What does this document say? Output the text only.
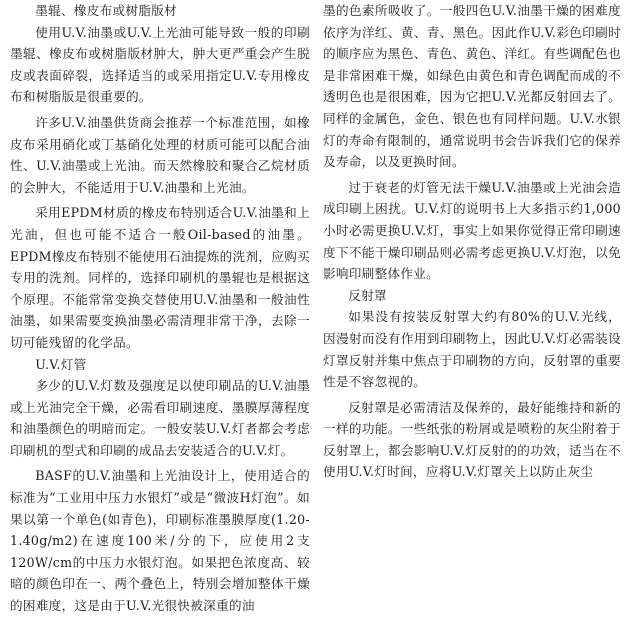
墨辊、橡皮布或树脂版材

使用U.V.油墨或U.V.上光油可能导致一般的印刷墨辊、橡皮布或树脂版材肿大，肿大更严重会产生脱皮或表面碎裂，选择适当的或采用指定U.V.专用橡皮布和树脂版是很重要的。

许多U.V.油墨供货商会推荐一个标准范围，如橡皮布采用硝化或丁基硝化处理的材质可能可以配合油性、U.V.油墨或上光油。而天然橡胶和聚合乙烷材质的会肿大，不能适用于U.V.油墨和上光油。

采用EPDM材质的橡皮布特别适合U.V.油墨和上光油，但也可能不适合一般Oil-based的油墨。EPDM橡皮布特别不能使用石油提炼的洗剂，应购买专用的洗剂。同样的，选择印刷机的墨辊也是根据这个原理。不能常常变换交替使用U.V.油墨和一般油性油墨，如果需要变换油墨必需清理非常干净，去除一切可能残留的化学品。

U.V.灯管

多少的U.V.灯数及强度足以使印刷品的U.V.油墨或上光油完全干燥，必需看印刷速度、墨膜厚薄程度和油墨颜色的明暗而定。一般安装U.V.灯者都会考虑印刷机的型式和印刷的成品去安装适合的U.V.灯。

BASF的U.V.油墨和上光油设计上，使用适合的标准为“工业用中压力水银灯”或是“微波H灯泡”。如果以第一个单色(如青色)，印刷标准墨膜厚度(1.20-1.40g/m2)在速度100米/分的下，应使用2支120W/cm的中压力水银灯泡。如果把色浓度高、较暗的颜色印在一、两个叠色上，特别会增加整体干燥的困难度，这是由于U.V.光很快被深重的油

墨的色素所吸收了。一般四色U.V.油墨干燥的困难度依序为洋红、黄、青、黑色。因此作U.V.彩色印刷时的顺序应为黑色、青色、黄色、洋红。有些调配色也是非常困难干燥，如绿色由黄色和青色调配而成的不透明色也是很困难，因为它把U.V.光都反射回去了。同样的金属色，金色、银色也有同样问题。U.V.水银灯的寿命有限制的，通常说明书会告诉我们它的保养及寿命，以及更换时间。

过于衰老的灯管无法干燥U.V.油墨或上光油会造成印刷上困扰。U.V.灯的说明书上大多指示约1,000小时必需更换U.V.灯，事实上如果你觉得正常印刷速度下不能干燥印刷品则必需考虑更换U.V.灯泡，以免影响印刷整体作业。

反射罩

如果没有按装反射罩大约有80%的U.V.光线，因漫射而没有作用到印刷物上，因此U.V.灯必需装设灯罩反射并集中焦点于印刷物的方向，反射罩的重要性是不容忽视的。

反射罩是必需清洁及保养的，最好能维持和新的一样的功能。一些纸张的粉屑或是喷粉的灰尘附着于反射罩上，都会影响U.V.灯反射的的功效，适当在不使用U.V.灯时间，应将U.V.灯罩关上以防止灰尘
